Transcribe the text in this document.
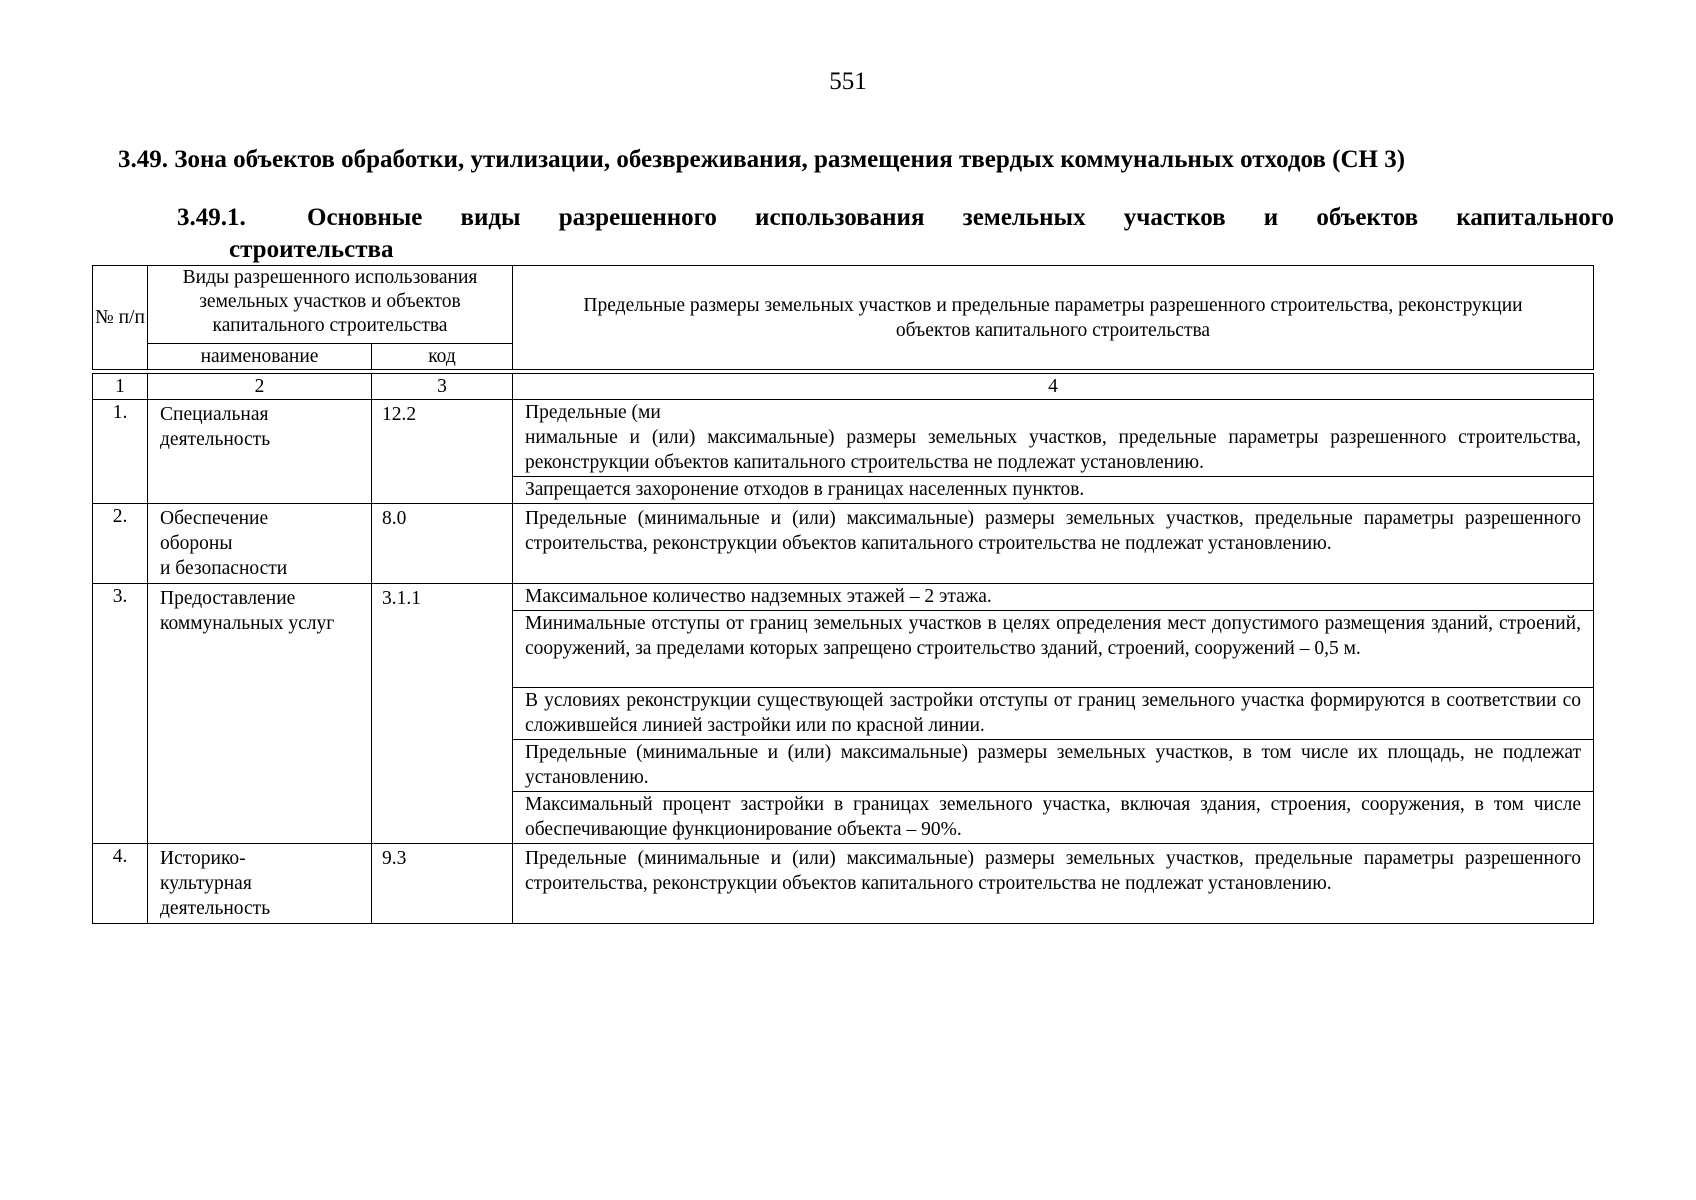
551
3.49. Зона объектов обработки, утилизации, обезвреживания, размещения твердых коммунальных отходов (СН 3)
3.49.1. Основные виды разрешенного использования земельных участков и объектов капитального
строительства
№ п/п	Виды разрешенного использования земельных участков и объектов капитального строительства		Предельные размеры земельных участков и предельные параметры разрешенного строительства, реконструкции объектов капитального строительства
	наименование	код	
1	2	3	4
1.	Специальная деятельность	12.2	Предельные (ми
нимальные и (или) максимальные) размеры земельных участков, предельные параметры разрешенного строительства, реконструкции объектов капитального строительства не подлежат установлению.

			Запрещается захоронение отходов в границах населенных пунктов.
2.	Обеспечение
обороны
и безопасности	8.0	Предельные (минимальные и (или) максимальные) размеры земельных участков, предельные параметры разрешенного строительства, реконструкции объектов капитального строительства не подлежат установлению.
3.	Предоставление коммунальных услуг	3.1.1	Максимальное количество надземных этажей – 2 этажа.
			Минимальные отступы от границ земельных участков в целях определения мест допустимого размещения зданий, строений, сооружений, за пределами которых запрещено строительство зданий, строений, сооружений – 0,5 м.
			В условиях реконструкции существующей застройки отступы от границ земельного участка формируются в соответствии со сложившейся линией застройки или по красной линии.
			Предельные (минимальные и (или) максимальные) размеры земельных участков, в том числе их площадь, не подлежат установлению.
			Максимальный процент застройки в границах земельного участка, включая здания, строения, сооружения, в том числе обеспечивающие функционирование объекта – 90%.
4.	Историко-
культурная
деятельность	9.3	Предельные (минимальные и (или) максимальные) размеры земельных участков, предельные параметры разрешенного строительства, реконструкции объектов капитального строительства не подлежат установлению.
